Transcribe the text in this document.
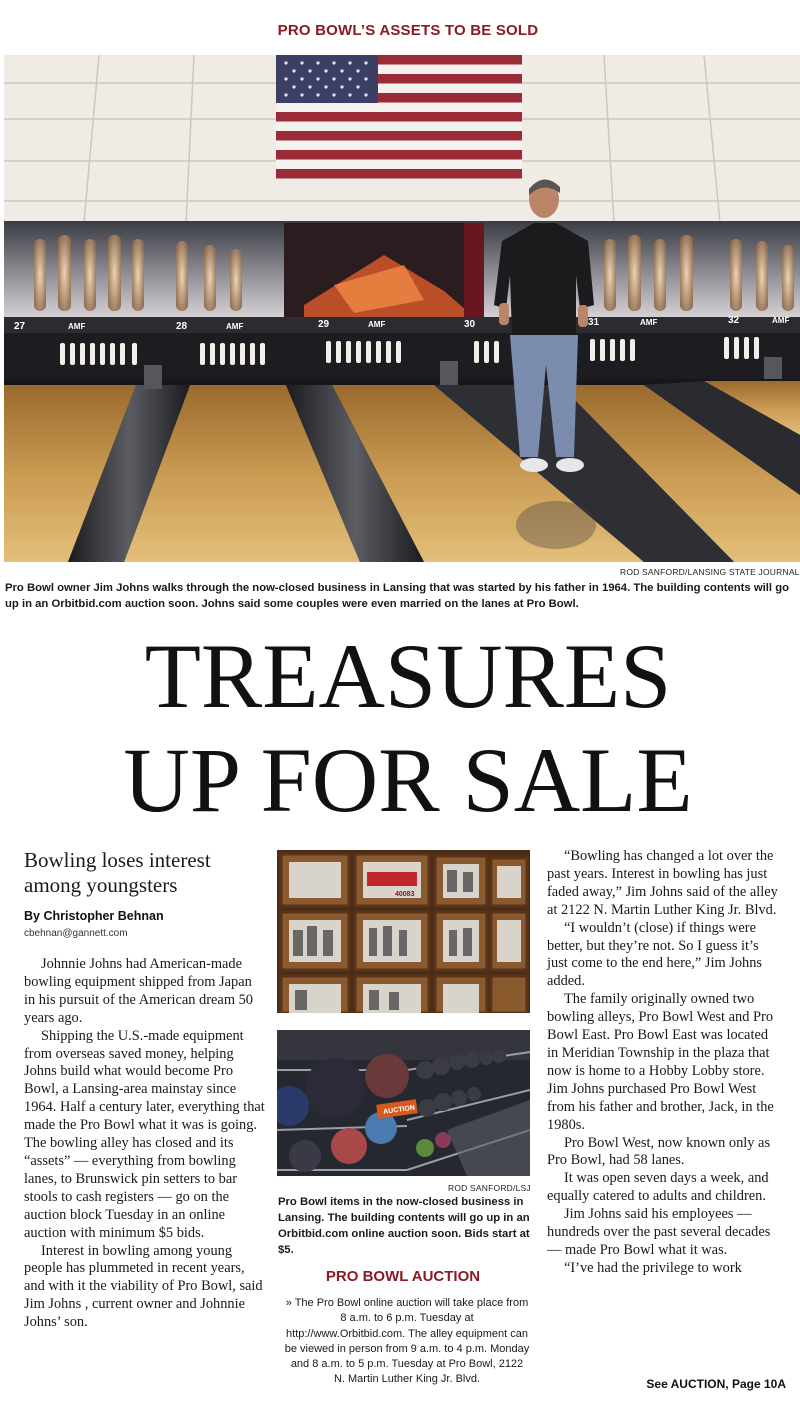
PRO BOWL’S ASSETS TO BE SOLD
27	AMF	28	AMF	29	AMF	30	31	AMF	32	AMF
ROD SANFORD/LANSING STATE JOURNAL
Pro Bowl owner Jim Johns walks through the now-closed business in Lansing that was started by his father in 1964. The building contents will go up in an Orbitbid.com auction soon. Johns said some couples were even married on the lanes at Pro Bowl.
TREASURES
UP FOR SALE
Bowling loses interest among youngsters
By Christopher Behnan
cbehnan@gannett.com

Johnnie Johns had American-made bowling equipment shipped from Japan in his pursuit of the American dream 50 years ago.

Shipping the U.S.-made equipment from overseas saved money, helping Johns build what would become Pro Bowl, a Lansing-area mainstay since 1964. Half a century later, everything that made the Pro Bowl what it was is going. The bowling alley has closed and its “assets” — everything from bowling lanes, to Brunswick pin setters to bar stools to cash registers — go on the auction block Tuesday in an online auction with minimum $5 bids.

Interest in bowling among young people has plummeted in recent years, and with it the viability of Pro Bowl, said Jim Johns , current owner and Johnnie Johns’ son.

40083
AUCTION
ROD SANFORD/LSJ
Pro Bowl items in the now-closed business in Lansing. The building contents will go up in an Orbitbid.com online auction soon. Bids start at $5.
PRO BOWL AUCTION
» The Pro Bowl online auction will take place from 8 a.m. to 6 p.m. Tuesday at http://www.Orbitbid.com. The alley equipment can be viewed in person from 9 a.m. to 4 p.m. Monday and 8 a.m. to 5 p.m. Tuesday at Pro Bowl, 2122 N. Martin Luther King Jr. Blvd.

“Bowling has changed a lot over the past years. Interest in bowling has just faded away,” Jim Johns said of the alley at 2122 N. Martin Luther King Jr. Blvd.

“I wouldn’t (close) if things were better, but they’re not. So I guess it’s just come to the end here,” Jim Johns added.

The family originally owned two bowling alleys, Pro Bowl West and Pro Bowl East. Pro Bowl East was located in Meridian Township in the plaza that now is home to a Hobby Lobby store. Jim Johns purchased Pro Bowl West from his father and brother, Jack, in the 1980s.

Pro Bowl West, now known only as Pro Bowl, had 58 lanes.

It was open seven days a week, and equally catered to adults and children.

Jim Johns said his employees — hundreds over the past several decades — made Pro Bowl what it was.

“I’ve had the privilege to work

See AUCTION, Page 10A
